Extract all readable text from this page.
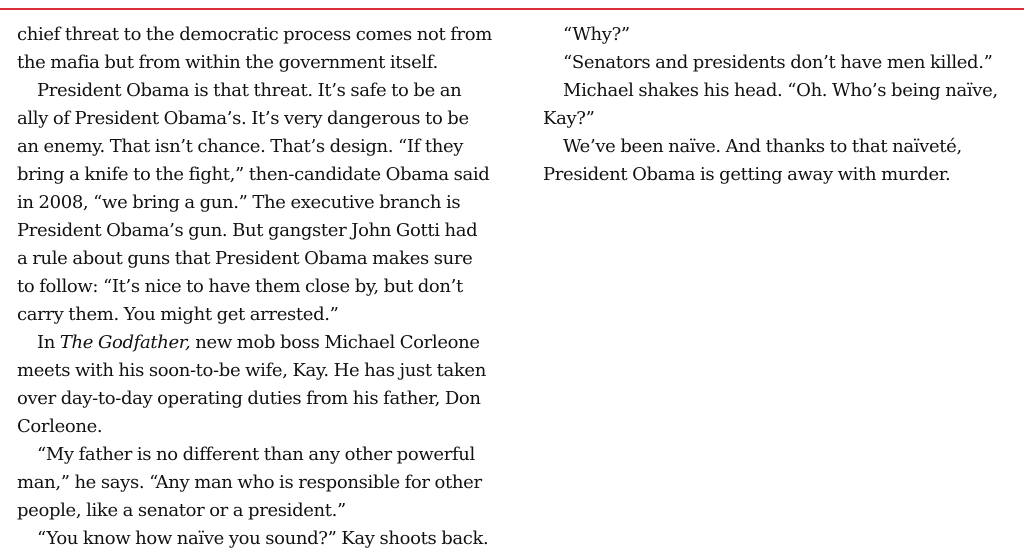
chief threat to the democratic process comes not from
the mafia but from within the government itself.
President Obama is that threat. It’s safe to be an
ally of President Obama’s. It’s very dangerous to be
an enemy. That isn’t chance. That’s design. “If they
bring a knife to the fight,” then-candidate Obama said
in 2008, “we bring a gun.” The executive branch is
President Obama’s gun. But gangster John Gotti had
a rule about guns that President Obama makes sure
to follow: “It’s nice to have them close by, but don’t
carry them. You might get arrested.”
In The Godfather, new mob boss Michael Corleone
meets with his soon-to-be wife, Kay. He has just taken
over day-to-day operating duties from his father, Don
Corleone.
“My father is no different than any other powerful
man,” he says. “Any man who is responsible for other
people, like a senator or a president.”
“You know how naïve you sound?” Kay shoots back.
“Why?”
“Senators and presidents don’t have men killed.”
Michael shakes his head. “Oh. Who’s being naïve,
Kay?”
We’ve been naïve. And thanks to that naïveté,
President Obama is getting away with murder.
